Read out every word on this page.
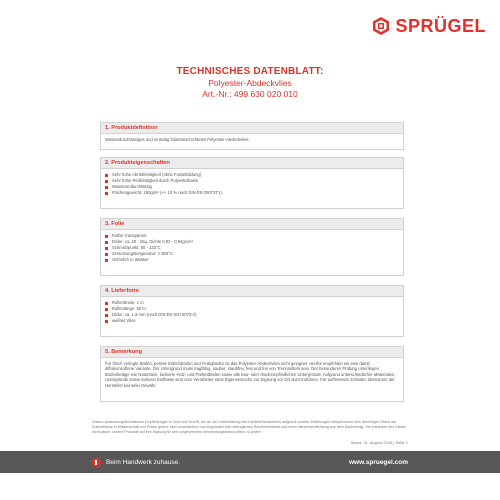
SPRÜGEL
TECHNISCHES DATENBLATT:
Polyester-Abdeckvlies
Art.-Nr.: 499 630 020 010
1. Produktdefinition
Wasserdurchlässiges und einseitig folienbeschichtetes Polyester-Abdeckvlies.
2. Produkteigenschaften
Sehr hohe Abriebfestigkeit (ohne Fusselbildung)
Sehr hohe Reißfestigkeit durch Polyesterbasis
Wasserundurchlässig
Flächengewicht: 180g/m² (+/- 10 % nach DIN EN 29073T1)
3. Folie
Farbe: transparent
Dicke: ca. 20 - 25µ, Dichte 0,92 - 0,94g/cm³
Schmelzpunkt: 80 - 133°C
Zersetzungstemperatur: > 300°C
Unlöslich in Wasser
4. Lieferform
Rollenbreite: 1 m
Rollenlänge: 50 m
Dicke: ca. 1,3 mm (nach DIN EN ISO 9073-2)
weißes Vlies
5. Bemerkung
Für frisch verlegte Böden, poröse Estrichböden und Fertigböden ist das Polyester-Abdeckvlies nicht geeignet. Hierfür empfehlen wir eine damit diffusionsoffene Variante. Der Untergrund muss tragfähig, sauber, staubfrei, fest und frei von Trennmitteln sein. Der besonderen Prüfung unterliegen Bodenbeläge wie Naturstein, lackierte Holz- und Parkettböden sowie alle bau- oder druckempfindlichen Untergründe. Aufgrund unterschiedlicher Materialien, Untergründe sowie äußerer Einflüsse sind vom Verarbeiter stets Eigenversuche zur Eignung vor Ort durchzuführen. Für auftretende Schäden übernimmt der Hersteller keinerlei Gewähr.
Unsere anwendungstechnischen Empfehlungen in Wort und Schrift, die wir zur Unterstützung des Käufers/Verarbeiters aufgrund unserer Erfahrungen entsprechend dem derzeitigen Stand der Erkenntnisse in Wissenschaft und Praxis geben, sind unverbindlich und begründen kein vertragliches Rechtsverhältnis und keine Nebenverpflichtung aus dem Kaufvertrag. Sie entbinden den Käufer nicht davon, unsere Produkte auf ihre Eignung für den vorgesehenen Verwendungszweck selbst zu prüfen.
Stand: 31. August 2016 | Seite 1
Beim Handwerk zuhause.	www.spruegel.com
